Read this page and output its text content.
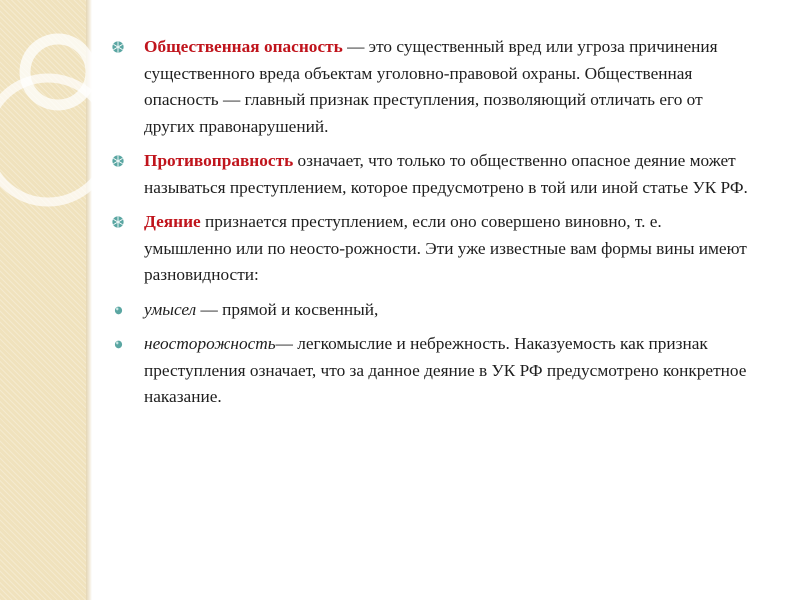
Общественная опасность — это существенный вред или угроза причинения существенного вреда объектам уголовно-правовой охраны. Общественная опасность — главный признак преступления, позволяющий отличать его от других правонарушений.
Противоправность означает, что только то общественно опасное деяние может называться преступлением, которое предусмотрено в той или иной статье УК РФ.
Деяние признается преступлением, если оно совершено виновно, т. е. умышленно или по неосто-рожности. Эти уже известные вам формы вины имеют разновидности:
умысел — прямой и косвенный,
неосторожность— легкомыслие и небрежность. Наказуемость как признак преступления означает, что за данное деяние в УК РФ предусмотрено конкретное наказание.
